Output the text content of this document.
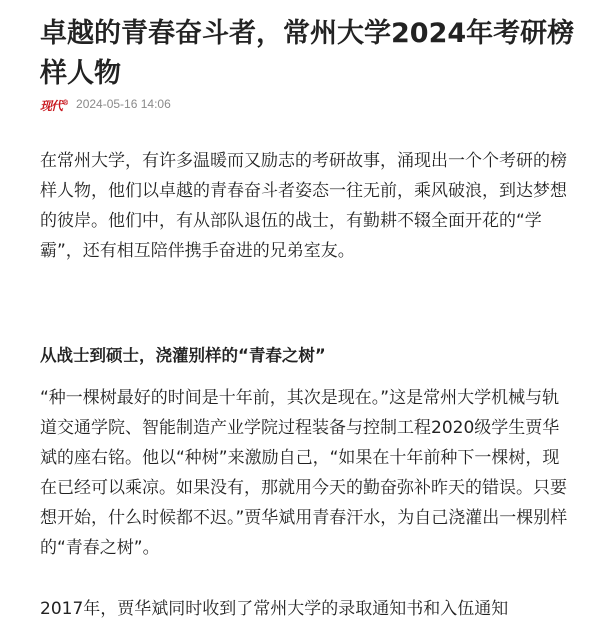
卓越的青春奋斗者，常州大学2024年考研榜样人物
现代® 2024-05-16 14:06

在常州大学，有许多温暖而又励志的考研故事，涌现出一个个考研的榜样人物，他们以卓越的青春奋斗者姿态一往无前，乘风破浪，到达梦想的彼岸。他们中，有从部队退伍的战士，有勤耕不辍全面开花的“学霸”，还有相互陪伴携手奋进的兄弟室友。

从战士到硕士，浇灌别样的“青春之树”

“种一棵树最好的时间是十年前，其次是现在。”这是常州大学机械与轨道交通学院、智能制造产业学院过程装备与控制工程2020级学生贾华斌的座右铭。他以“种树”来激励自己，“如果在十年前种下一棵树，现在已经可以乘凉。如果没有，那就用今天的勤奋弥补昨天的错误。只要想开始，什么时候都不迟。”贾华斌用青春汗水，为自己浇灌出一棵别样的“青春之树”。

2017年，贾华斌同时收到了常州大学的录取通知书和入伍通知
